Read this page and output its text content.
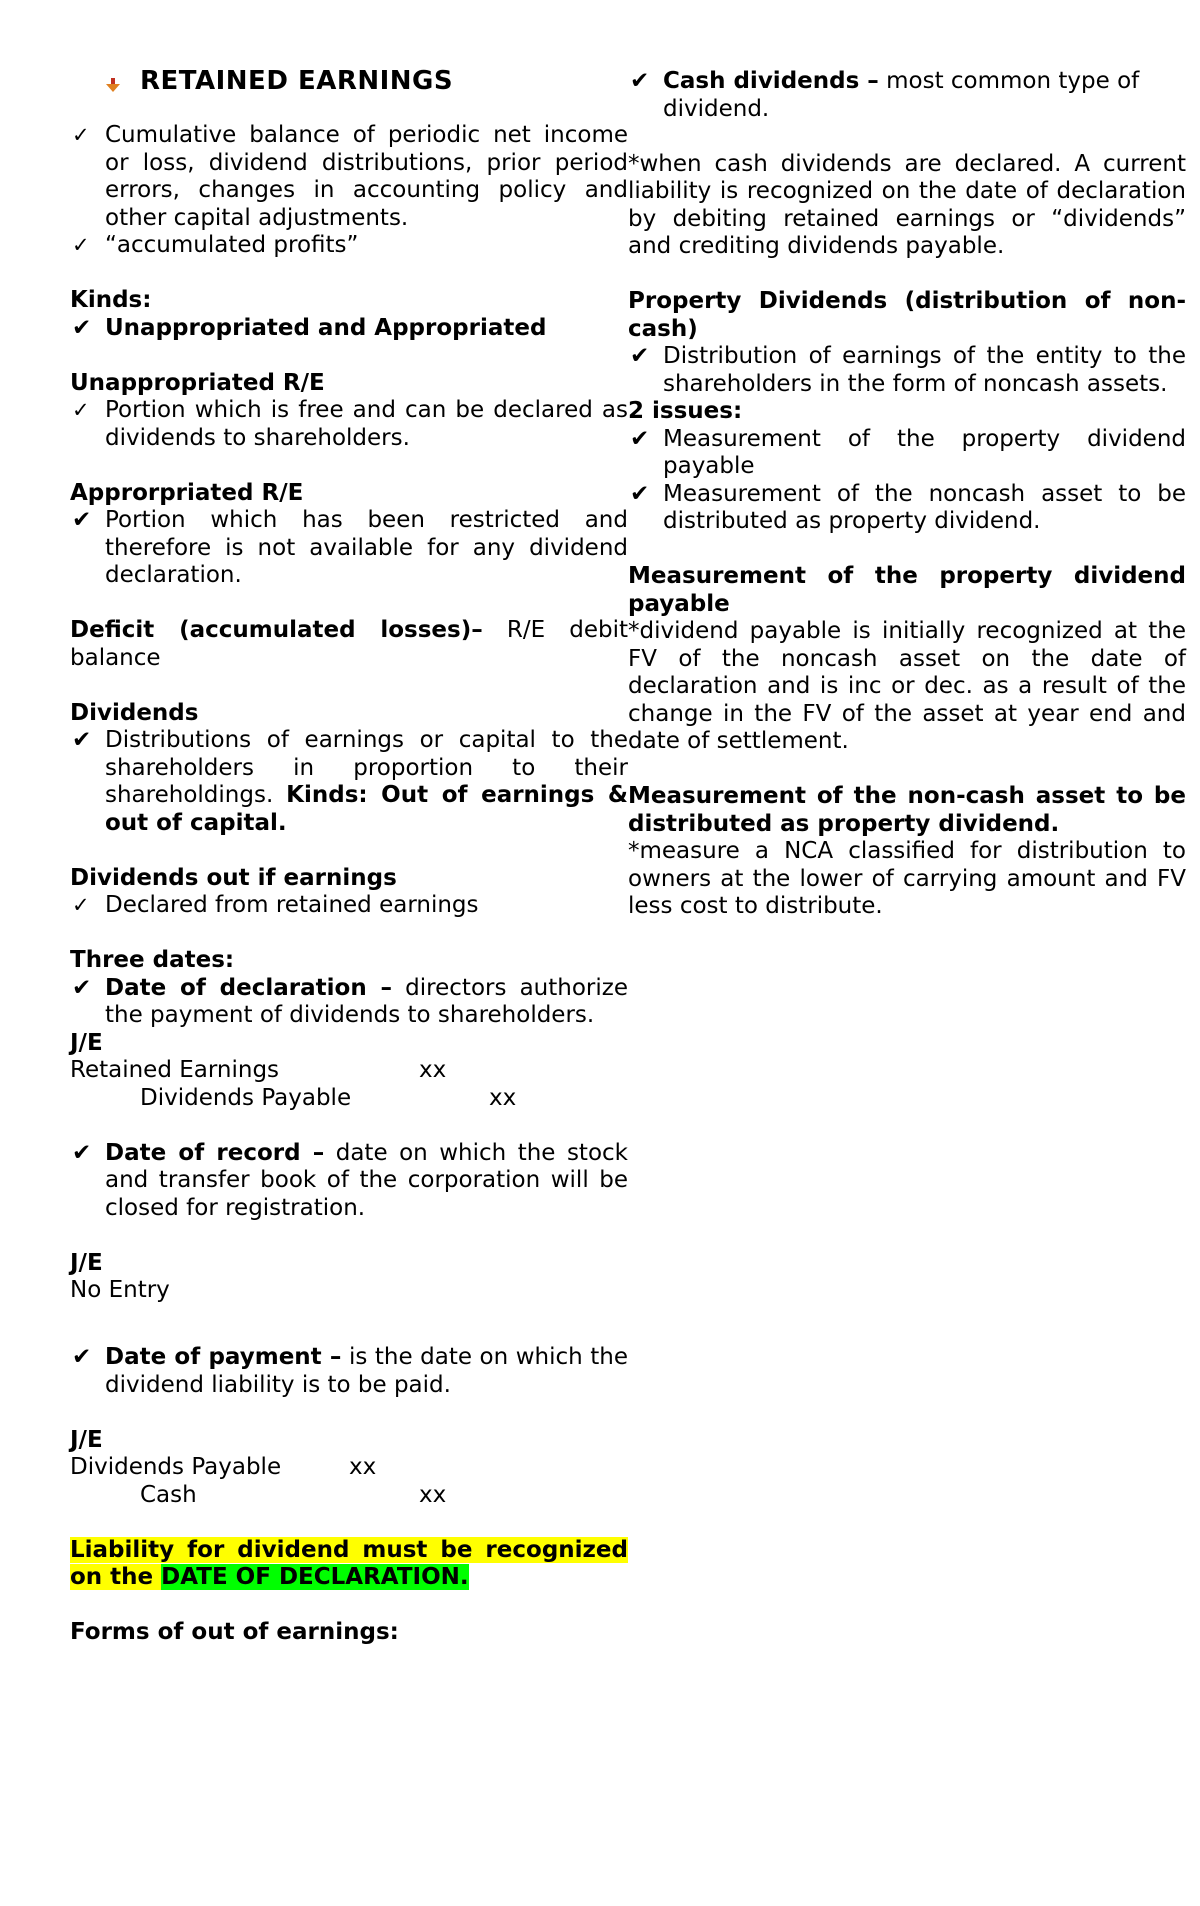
RETAINED EARNINGS
✓ Cumulative balance of periodic net income or loss, dividend distributions, prior period errors, changes in accounting policy and other capital adjustments.
✓ “accumulated profits”
Kinds:
✔ Unappropriated and Appropriated
Unappropriated R/E
✓ Portion which is free and can be declared as dividends to shareholders.
Approrpriated R/E
✔ Portion which has been restricted and therefore is not available for any dividend declaration.
Deficit (accumulated losses)– R/E debit balance
Dividends
✔ Distributions of earnings or capital to the shareholders in proportion to their shareholdings. Kinds: Out of earnings & out of capital.
Dividends out if earnings
✓ Declared from retained earnings
Three dates:
✔ Date of declaration – directors authorize the payment of dividends to shareholders.
J/E
Retained Earnings	xx
Dividends Payable	xx
✔ Date of record – date on which the stock and transfer book of the corporation will be closed for registration.
J/E
No Entry
✔ Date of payment – is the date on which the dividend liability is to be paid.
J/E
Dividends Payable	xx
Cash	xx
Liability for dividend must be recognized on the DATE OF DECLARATION.
Forms of out of earnings:
✔ Cash dividends – most common type of dividend.
*when cash dividends are declared. A current liability is recognized on the date of declaration by debiting retained earnings or “dividends” and crediting dividends payable.
Property Dividends (distribution of non-cash)
✔ Distribution of earnings of the entity to the shareholders in the form of noncash assets.
2 issues:
✔ Measurement of the property dividend payable
✔ Measurement of the noncash asset to be distributed as property dividend.
Measurement of the property dividend payable
*dividend payable is initially recognized at the FV of the noncash asset on the date of declaration and is inc or dec. as a result of the change in the FV of the asset at year end and date of settlement.
Measurement of the non-cash asset to be distributed as property dividend.
*measure a NCA classified for distribution to owners at the lower of carrying amount and FV less cost to distribute.
